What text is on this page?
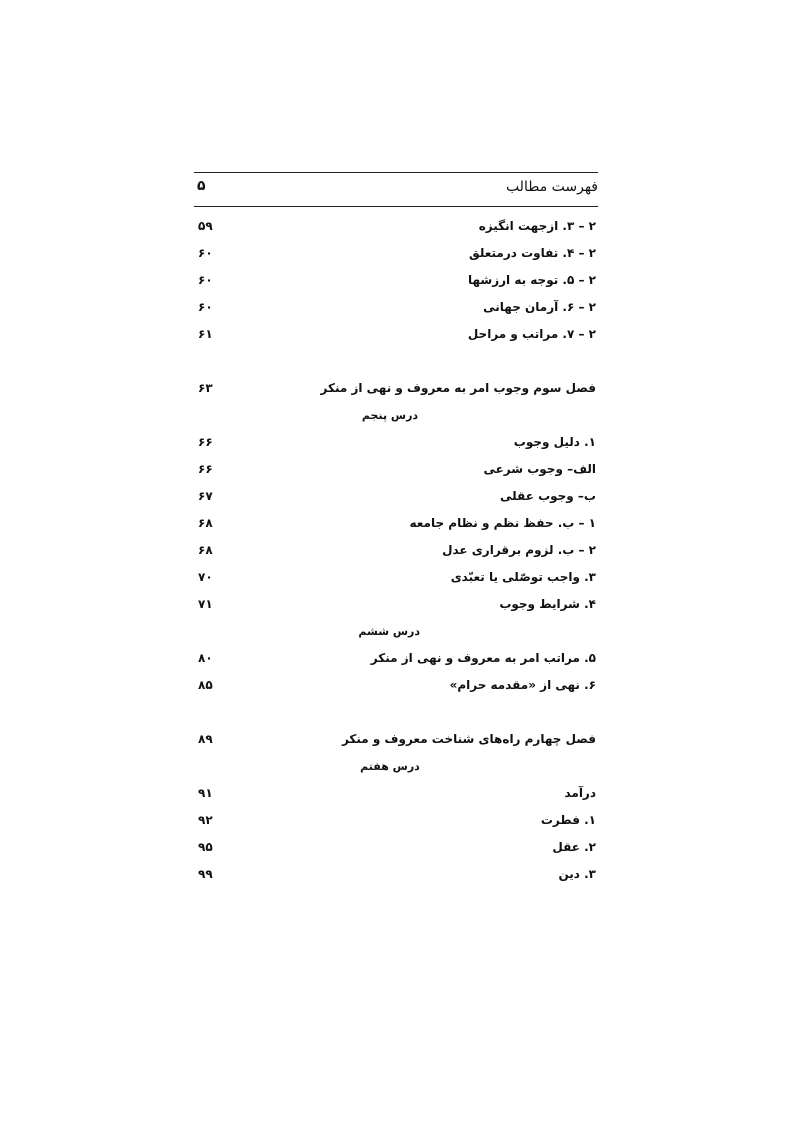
فهرست مطالب
۵
۲ – ۳. ازجهت انگیزه
۵۹
۲ – ۴. تفاوت درمتعلق
۶۰
۲ – ۵. توجه به ارزشها
۶۰
۲ – ۶. آرمان جهانی
۶۰
۲ – ۷. مراتب و مراحل
۶۱
فصل سوم وجوب امر به معروف و نهی از منکر
۶۳
درس پنجم
۱. دلیل وجوب
۶۶
الف– وجوب شرعی
۶۶
ب– وجوب عقلی
۶۷
۱ – ب. حفظ نظم و نظام جامعه
۶۸
۲ – ب. لزوم برقراری عدل
۶۸
۳. واجب توصّلی یا تعبّدی
۷۰
۴. شرایط وجوب
۷۱
درس ششم
۵. مراتب امر به معروف و نهی از منکر
۸۰
۶. نهی از «مقدمه حرام»
۸۵
فصل چهارم راه‌های شناخت معروف و منکر
۸۹
درس هفتم
درآمد
۹۱
۱. فطرت
۹۲
۲. عقل
۹۵
۳. دین
۹۹
